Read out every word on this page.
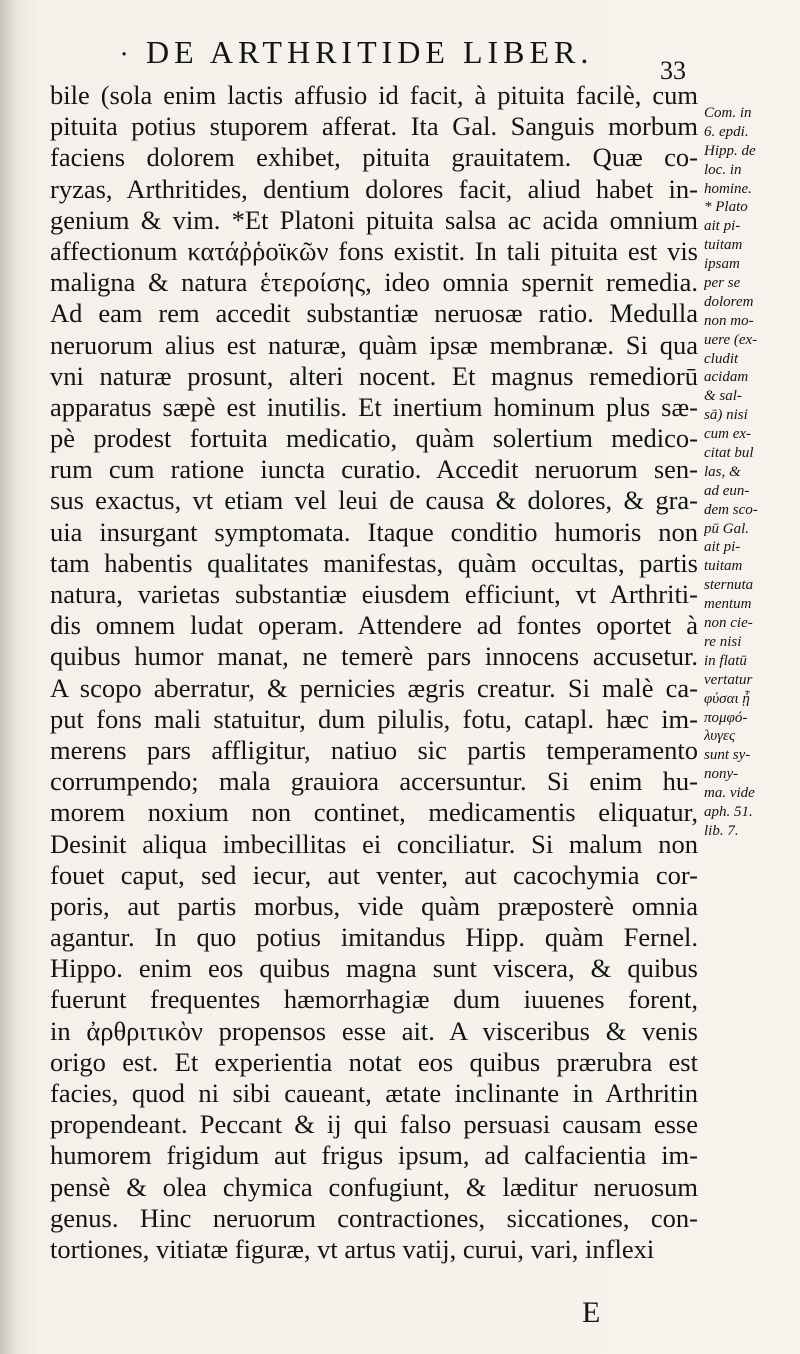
· DE ARTHRITIDE LIBER.
33
bile (sola enim lactis affusio id facit, à pituita facilè, cum
pituita potius stuporem afferat. Ita Gal. Sanguis morbum
faciens dolorem exhibet, pituita grauitatem. Quæ co-
ryzas, Arthritides, dentium dolores facit, aliud habet in-
genium & vim. *Et Platoni pituita salsa ac acida omnium
affectionum κατάῤῥοϊκῶν fons existit. In tali pituita est vis
maligna & natura ἑτεροίσης, ideo omnia spernit remedia.
Ad eam rem accedit substantiæ neruosæ ratio. Medulla
neruorum alius est naturæ, quàm ipsæ membranæ. Si qua
vni naturæ prosunt, alteri nocent. Et magnus remediorū
apparatus sæpè est inutilis. Et inertium hominum plus sæ-
pè prodest fortuita medicatio, quàm solertium medico-
rum cum ratione iuncta curatio. Accedit neruorum sen-
sus exactus, vt etiam vel leui de causa & dolores, & gra-
uia insurgant symptomata. Itaque conditio humoris non
tam habentis qualitates manifestas, quàm occultas, partis
natura, varietas substantiæ eiusdem efficiunt, vt Arthriti-
dis omnem ludat operam. Attendere ad fontes oportet à
quibus humor manat, ne temerè pars innocens accusetur.
A scopo aberratur, & pernicies ægris creatur. Si malè ca-
put fons mali statuitur, dum pilulis, fotu, catapl. hæc im-
merens pars affligitur, natiuo sic partis temperamento
corrumpendo; mala grauiora accersuntur. Si enim hu-
morem noxium non continet, medicamentis eliquatur,
Desinit aliqua imbecillitas ei conciliatur. Si malum non
fouet caput, sed iecur, aut venter, aut cacochymia cor-
poris, aut partis morbus, vide quàm præposterè omnia
agantur. In quo potius imitandus Hipp. quàm Fernel.
Hippo. enim eos quibus magna sunt viscera, & quibus
fuerunt frequentes hæmorrhagiæ dum iuuenes forent,
in ἀρθριτικὸν propensos esse ait. A visceribus & venis
origo est. Et experientia notat eos quibus prærubra est
facies, quod ni sibi caueant, ætate inclinante in Arthritin
propendeant. Peccant & ij qui falso persuasi causam esse
humorem frigidum aut frigus ipsum, ad calfacientia im-
pensè & olea chymica confugiunt, & læditur neruosum
genus. Hinc neruorum contractiones, siccationes, con-
tortiones, vitiatæ figuræ, vt artus vatij, curui, vari, inflexi
Com. in
6. epdi.
Hipp. de
loc. in
homine.
* Plato
ait pi-
tuitam
ipsam
per se
dolorem
non mo-
uere (ex-
cludit
acidam
& sal-
sā) nisi
cum ex-
citat bul
las, &
ad eun-
dem sco-
pū Gal.
ait pi-
tuitam
sternuta
mentum
non cie-
re nisi
in flatū
vertatur
φύσαι ᾗ
πομφό-
λυγες
sunt sy-
nony-
ma. vide
aph. 51.
lib. 7.
E
